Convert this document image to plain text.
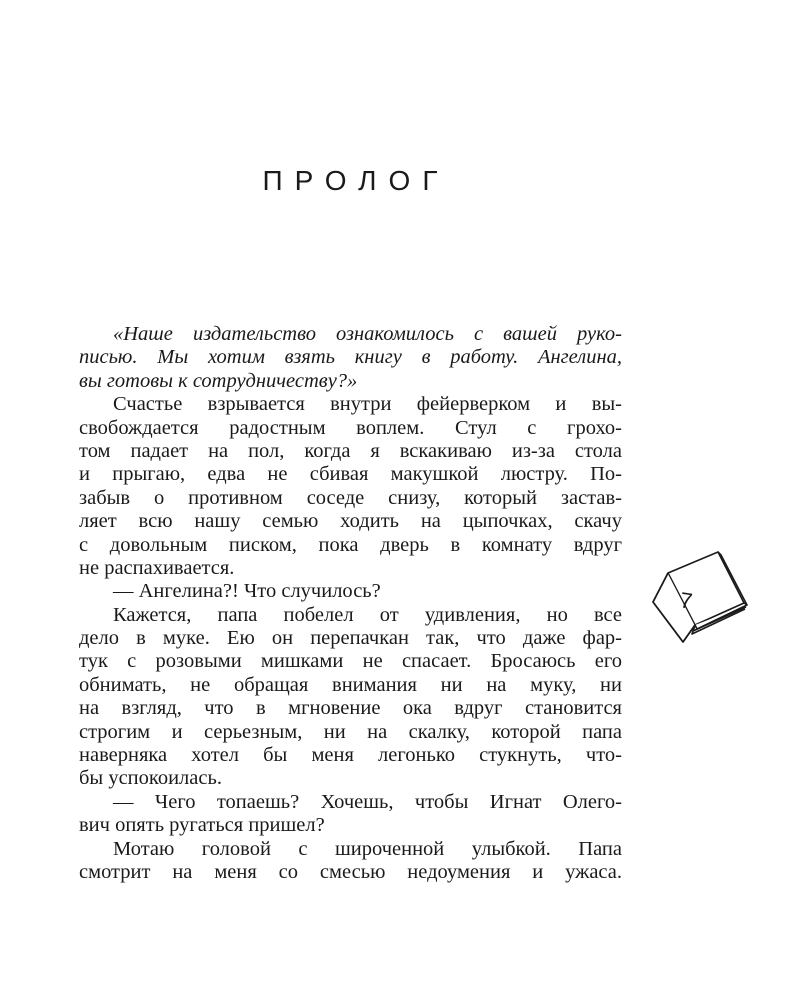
ПРОЛОГ
«Наше издательство ознакомилось с вашей руко-
писью. Мы хотим взять книгу в работу. Ангелина,
вы готовы к сотрудничеству?»
Счастье взрывается внутри фейерверком и вы-
свобождается радостным воплем. Стул с грохо-
том падает на пол, когда я вскакиваю из-за стола
и прыгаю, едва не сбивая макушкой люстру. По-
забыв о противном соседе снизу, который застав-
ляет всю нашу семью ходить на цыпочках, скачу
с довольным писком, пока дверь в комнату вдруг
не распахивается.
— Ангелина?! Что случилось?
Кажется, папа побелел от удивления, но все
дело в муке. Ею он перепачкан так, что даже фар-
тук с розовыми мишками не спасает. Бросаюсь его
обнимать, не обращая внимания ни на муку, ни
на взгляд, что в мгновение ока вдруг становится
строгим и серьезным, ни на скалку, которой папа
наверняка хотел бы меня легонько стукнуть, что-
бы успокоилась.
— Чего топаешь? Хочешь, чтобы Игнат Олего-
вич опять ругаться пришел?
Мотаю головой с широченной улыбкой. Папа
смотрит на меня со смесью недоумения и ужаса.
7
